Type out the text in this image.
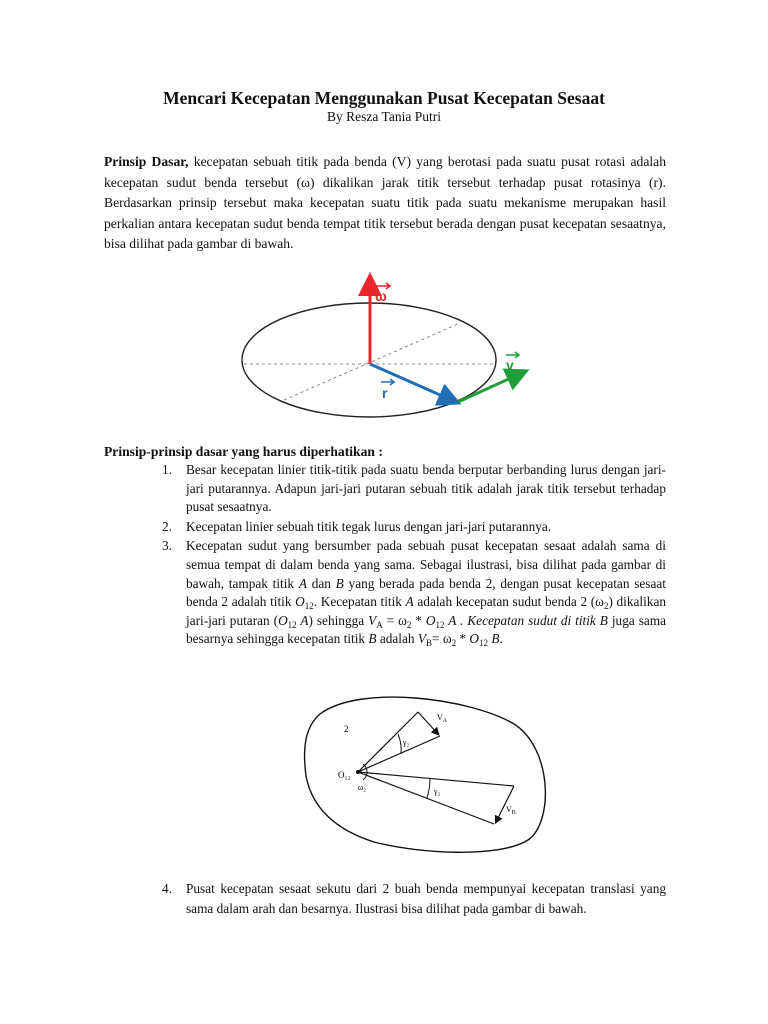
Mencari Kecepatan Menggunakan Pusat Kecepatan Sesaat
By Resza Tania Putri

Prinsip Dasar, kecepatan sebuah titik pada benda (V) yang berotasi pada suatu pusat rotasi adalah kecepatan sudut benda tersebut (ω) dikalikan jarak titik tersebut terhadap pusat rotasinya (r). Berdasarkan prinsip tersebut maka kecepatan suatu titik pada suatu mekanisme merupakan hasil perkalian antara kecepatan sudut benda tempat titik tersebut berada dengan pusat kecepatan sesaatnya, bisa dilihat pada gambar di bawah.

ω
v
r
Prinsip-prinsip dasar yang harus diperhatikan :
1. Besar kecepatan linier titik-titik pada suatu benda berputar berbanding lurus dengan jari-jari putarannya. Adapun jari-jari putaran sebuah titik adalah jarak titik tersebut terhadap pusat sesaatnya.
2. Kecepatan linier sebuah titik tegak lurus dengan jari-jari putarannya.
3. Kecepatan sudut yang bersumber pada sebuah pusat kecepatan sesaat adalah sama di semua tempat di dalam benda yang sama. Sebagai ilustrasi, bisa dilihat pada gambar di bawah, tampak titik A dan B yang berada pada benda 2, dengan pusat kecepatan sesaat benda 2 adalah titik $O_{12}$. Kecepatan titik A adalah kecepatan sudut benda 2 $(\omega_2)$ dikalikan jari-jari putaran ($O_{12}$ A) sehingga $V_A = \omega_2 * O_{12}$ A . Kecepatan sudut di titik B juga sama besarnya sehingga kecepatan titik B adalah $V_B= \omega_2 * O_{12}$ B.
2
O₁₂
ω₂
$V_A$
γ₂
$V_B$
γ₂
4. Pusat kecepatan sesaat sekutu dari 2 buah benda mempunyai kecepatan translasi yang sama dalam arah dan besarnya. Ilustrasi bisa dilihat pada gambar di bawah.
